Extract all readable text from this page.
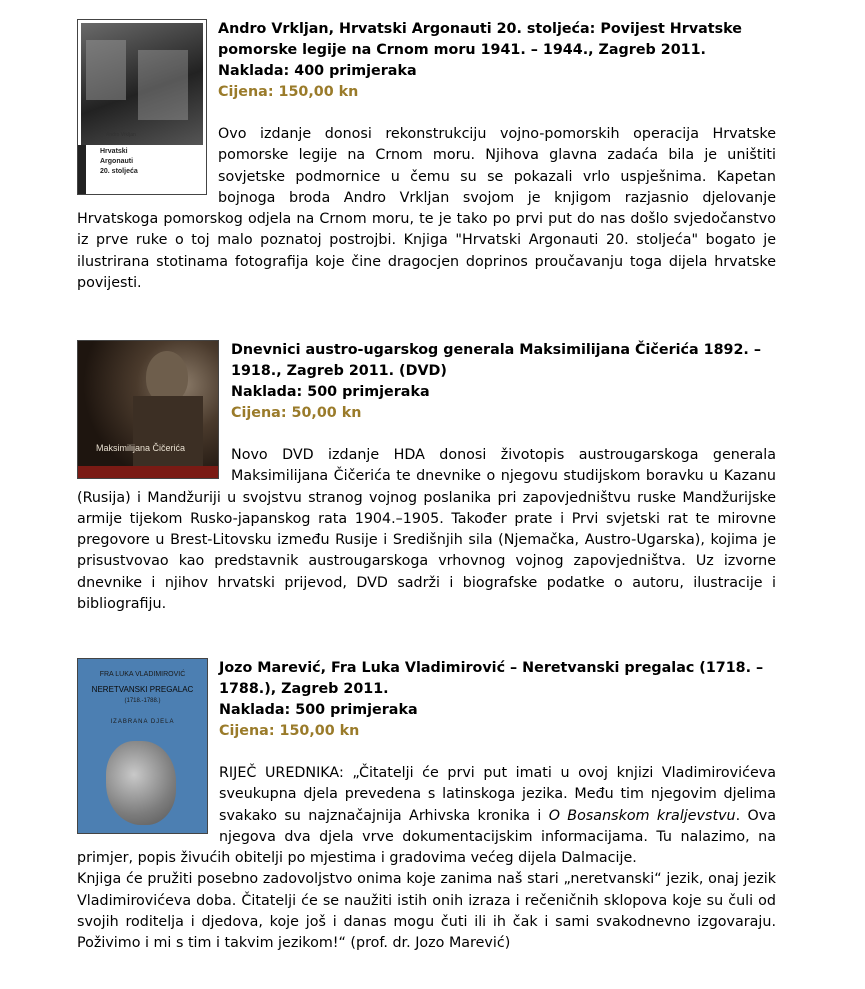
Andro Vrkljan
Hrvatski
Argonauti
20. stoljeća
Andro Vrkljan, Hrvatski Argonauti 20. stoljeća: Povijest Hrvatske
pomorske legije na Crnom moru 1941. – 1944., Zagreb 2011.
Naklada: 400 primjeraka
Cijena: 150,00 kn

Ovo izdanje donosi rekonstrukciju vojno-pomorskih operacija Hrvatske pomorske legije na Crnom moru. Njihova glavna zadaća bila je uništiti sovjetske podmornice u čemu su se pokazali vrlo uspješnima. Kapetan bojnoga broda Andro Vrkljan svojom je knjigom razjasnio djelovanje Hrvatskoga pomorskog odjela na Crnom moru, te je tako po prvi put do nas došlo svjedočanstvo iz prve ruke o toj malo poznatoj postrojbi. Knjiga "Hrvatski Argonauti 20. stoljeća" bogato je ilustrirana stotinama fotografija koje čine dragocjen doprinos proučavanju toga dijela hrvatske povijesti.

Maksimilijana Čičerića
Dnevnici austro-ugarskog generala Maksimilijana Čičerića 1892. –
1918., Zagreb 2011. (DVD)
Naklada: 500 primjeraka
Cijena: 50,00 kn

Novo DVD izdanje HDA donosi životopis austrougarskoga generala Maksimilijana Čičerića te dnevnike o njegovu studijskom boravku u Kazanu (Rusija) i Mandžuriji u svojstvu stranog vojnog poslanika pri zapovjedništvu ruske Mandžurijske armije tijekom Rusko-japanskog rata 1904.–1905. Također prate i Prvi svjetski rat te mirovne pregovore u Brest-Litovsku između Rusije i Središnjih sila (Njemačka, Austro-Ugarska), kojima je prisustvovao kao predstavnik austrougarskoga vrhovnog vojnog zapovjedništva. Uz izvorne dnevnike i njihov hrvatski prijevod, DVD sadrži i biografske podatke o autoru, ilustracije i bibliografiju.

FRA LUKA VLADIMIROVIĆ
NERETVANSKI PREGALAC
(1718.-1788.)
IZABRANA DJELA
Jozo Marević, Fra Luka Vladimirović – Neretvanski pregalac (1718. –
1788.), Zagreb 2011.
Naklada: 500 primjeraka
Cijena: 150,00 kn

RIJEČ UREDNIKA: „Čitatelji će prvi put imati u ovoj knjizi Vladimirovićeva sveukupna djela prevedena s latinskoga jezika. Među tim njegovim djelima svakako su najznačajnija Arhivska kronika i O Bosanskom kraljevstvu. Ova njegova dva djela vrve dokumentacijskim informacijama. Tu nalazimo, na primjer, popis živućih obitelji po mjestima i gradovima većeg dijela Dalmacije.

Knjiga će pružiti posebno zadovoljstvo onima koje zanima naš stari „neretvanski“ jezik, onaj jezik Vladimirovićeva doba. Čitatelji će se naužiti istih onih izraza i rečeničnih sklopova koje su čuli od svojih roditelja i djedova, koje još i danas mogu čuti ili ih čak i sami svakodnevno izgovaraju. Poživimo i mi s tim i takvim jezikom!“ (prof. dr. Jozo Marević)
